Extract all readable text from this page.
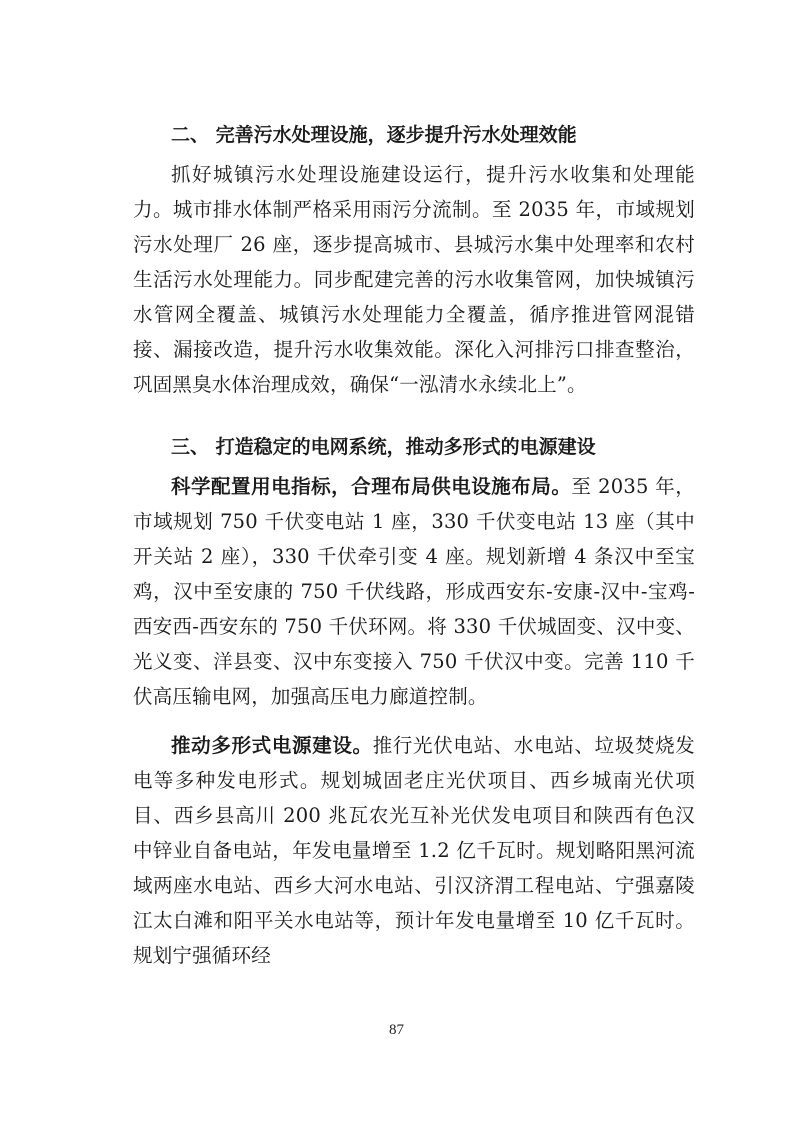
二、 完善污水处理设施，逐步提升污水处理效能

抓好城镇污水处理设施建设运行，提升污水收集和处理能力。城市排水体制严格采用雨污分流制。至 2035 年，市域规划污水处理厂 26 座，逐步提高城市、县城污水集中处理率和农村生活污水处理能力。同步配建完善的污水收集管网，加快城镇污水管网全覆盖、城镇污水处理能力全覆盖，循序推进管网混错接、漏接改造，提升污水收集效能。深化入河排污口排查整治，巩固黑臭水体治理成效，确保“一泓清水永续北上”。

三、 打造稳定的电网系统，推动多形式的电源建设

科学配置用电指标，合理布局供电设施布局。至 2035 年，市域规划 750 千伏变电站 1 座，330 千伏变电站 13 座（其中开关站 2 座），330 千伏牵引变 4 座。规划新增 4 条汉中至宝鸡，汉中至安康的 750 千伏线路，形成西安东-安康-汉中-宝鸡-西安西-西安东的 750 千伏环网。将 330 千伏城固变、汉中变、光义变、洋县变、汉中东变接入 750 千伏汉中变。完善 110 千伏高压输电网，加强高压电力廊道控制。

推动多形式电源建设。推行光伏电站、水电站、垃圾焚烧发电等多种发电形式。规划城固老庄光伏项目、西乡城南光伏项目、西乡县高川 200 兆瓦农光互补光伏发电项目和陕西有色汉中锌业自备电站，年发电量增至 1.2 亿千瓦时。规划略阳黑河流域两座水电站、西乡大河水电站、引汉济渭工程电站、宁强嘉陵江太白滩和阳平关水电站等，预计年发电量增至 10 亿千瓦时。规划宁强循环经

87
